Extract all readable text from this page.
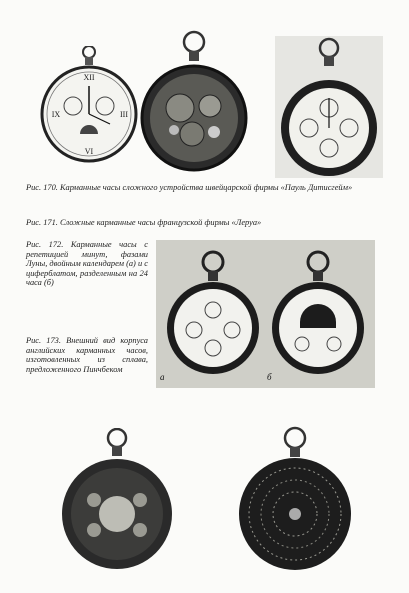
XII
III
VI
IX
Рис. 170. Карманные часы сложного устройства швейцарской фирмы «Пауль Дитисгейм»
Рис. 171. Сложные карманные часы французской фирмы «Леруа»
Рис. 172. Карманные часы с репетицией минут, фазами Луны, двойным календарем (а) и с циферблатом, разделенным на 24 часа (б)
а	б
Рис. 173. Внешний вид корпуса английских карманных часов, изготовленных из сплава, предложенного Пинчбеком
